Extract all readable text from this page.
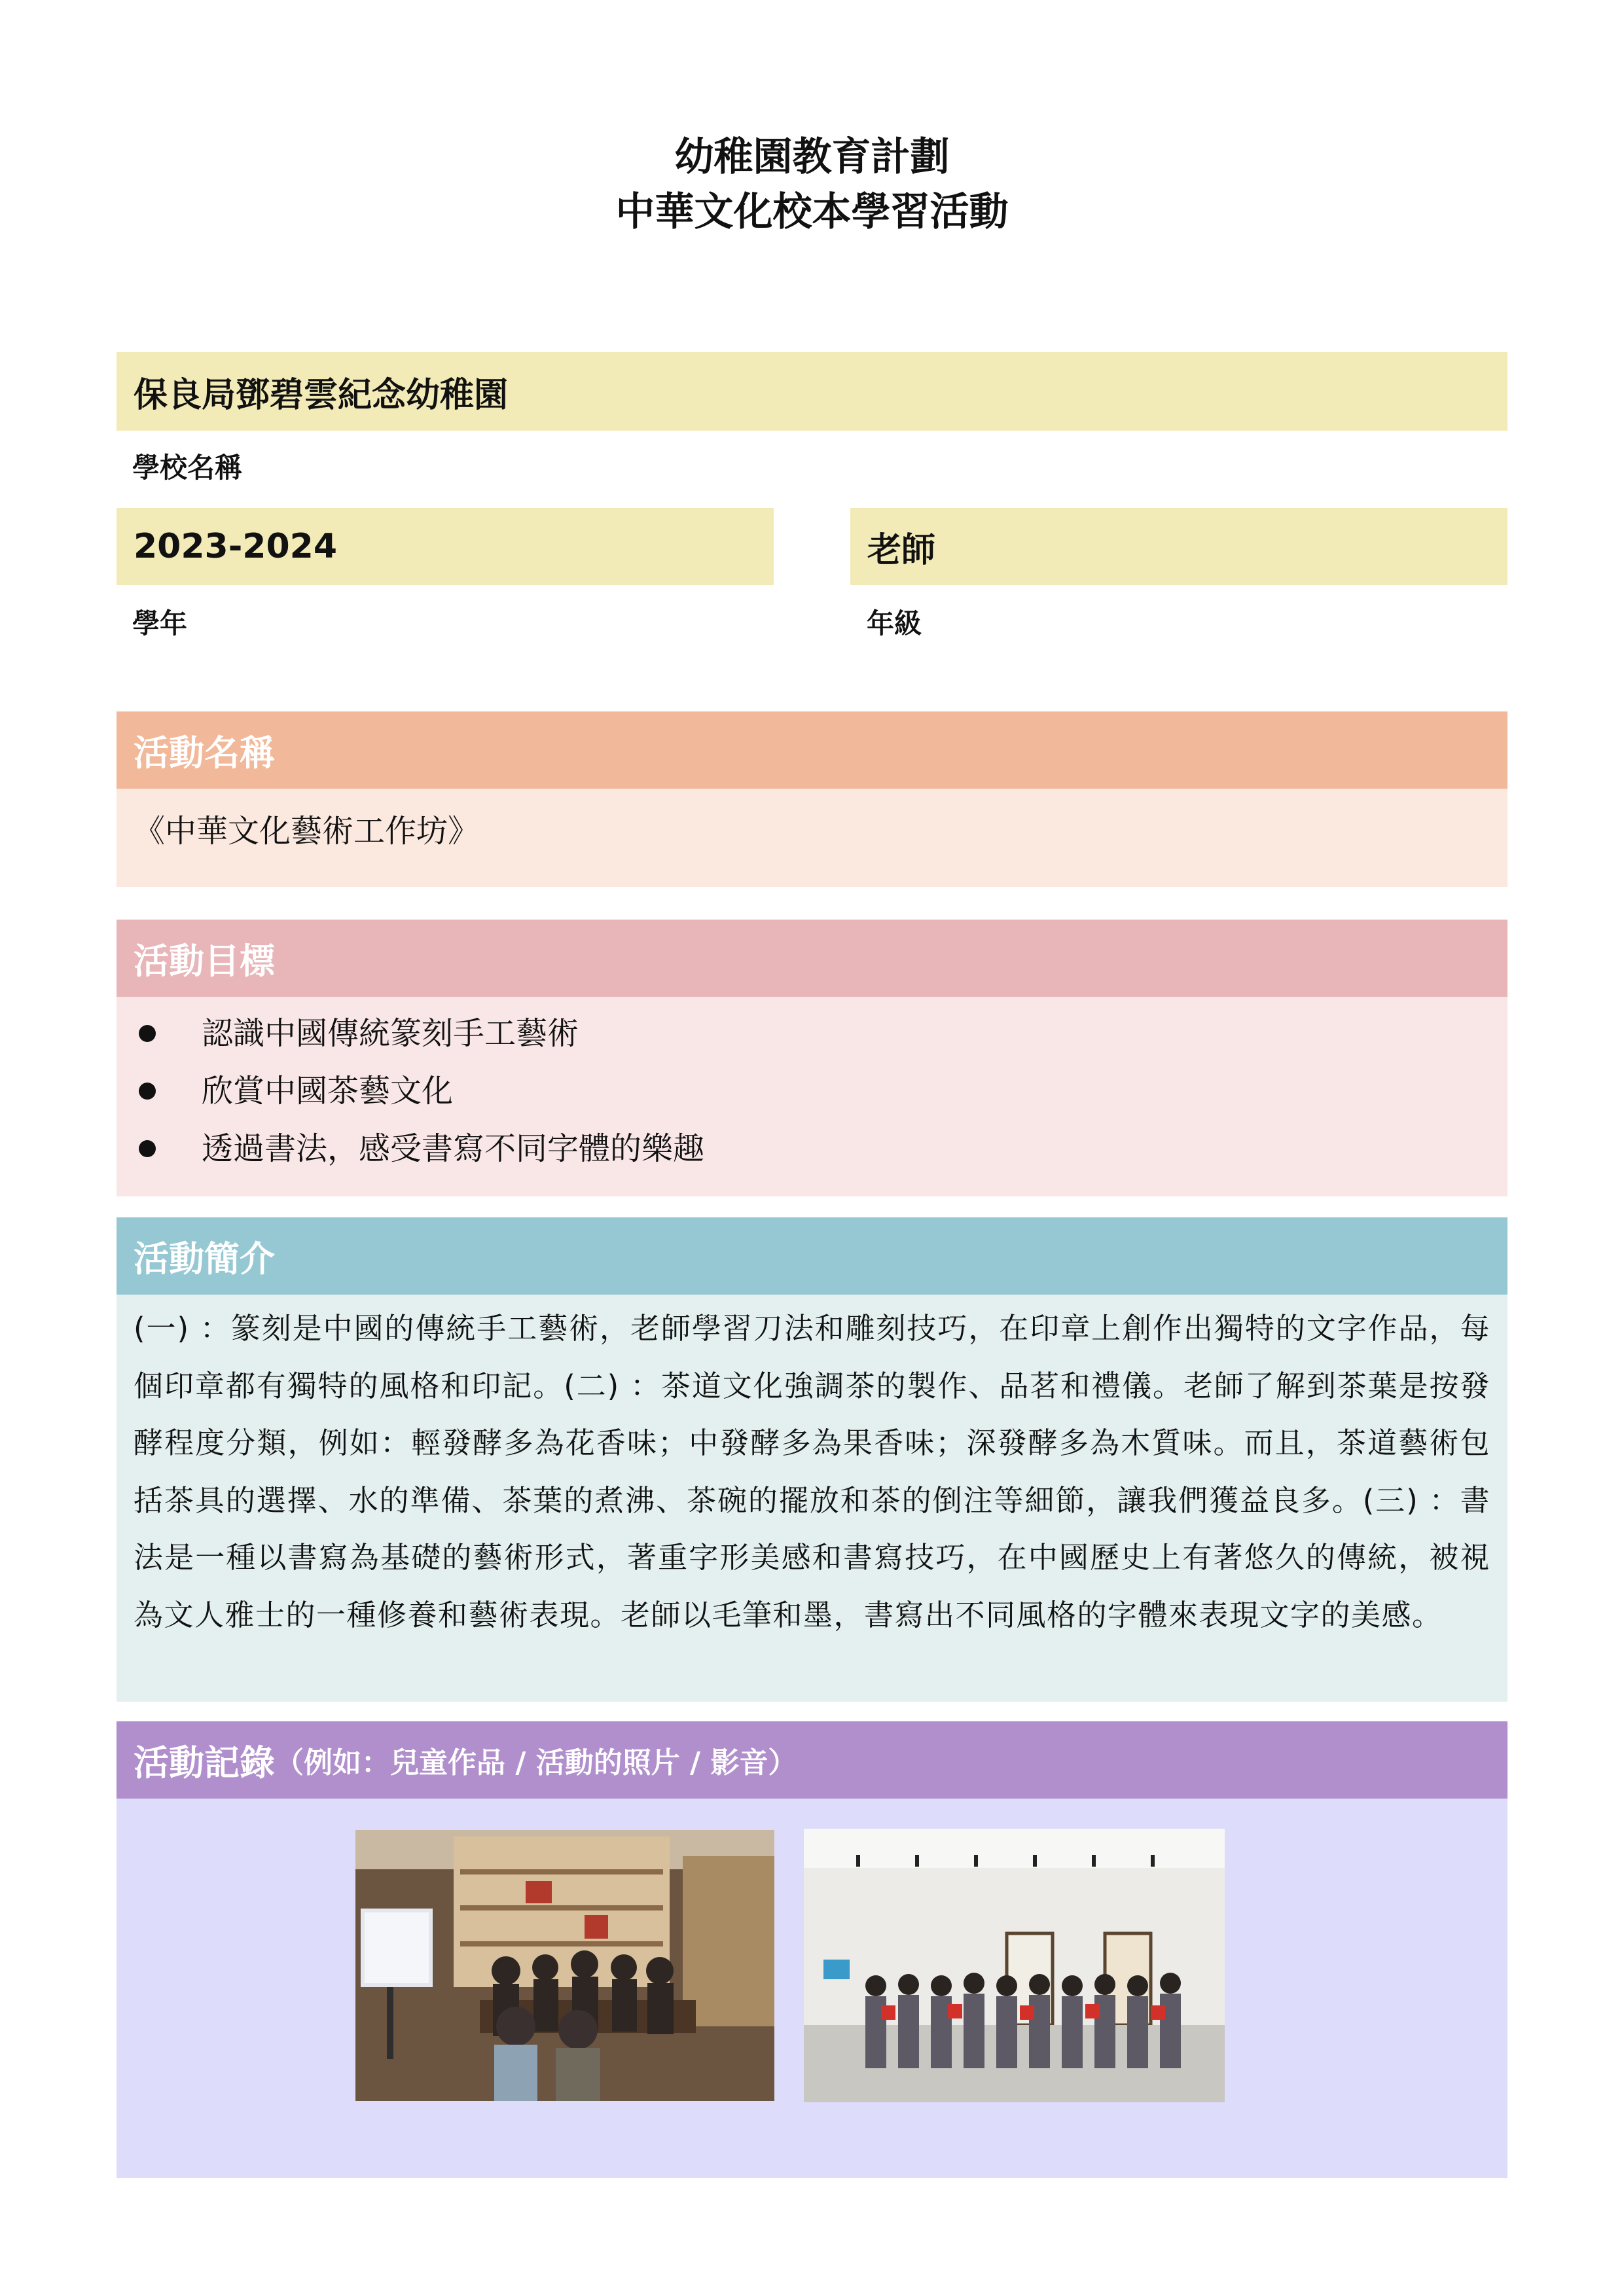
幼稚園教育計劃
中華文化校本學習活動
保良局鄧碧雲紀念幼稚園
學校名稱
2023-2024
學年
老師
年級
活動名稱
《中華文化藝術工作坊》
活動目標
認識中國傳統篆刻手工藝術
欣賞中國茶藝文化
透過書法，感受書寫不同字體的樂趣
活動簡介
(一) ：篆刻是中國的傳統手工藝術，老師學習刀法和雕刻技巧，在印章上創作出獨特的文字作品，每個印章都有獨特的風格和印記。(二) ：茶道文化強調茶的製作、品茗和禮儀。老師了解到茶葉是按發酵程度分類，例如：輕發酵多為花香味；中發酵多為果香味；深發酵多為木質味。而且，茶道藝術包括茶具的選擇、水的準備、茶葉的煮沸、茶碗的擺放和茶的倒注等細節，讓我們獲益良多。(三) ：書法是一種以書寫為基礎的藝術形式，著重字形美感和書寫技巧，在中國歷史上有著悠久的傳統，被視為文人雅士的一種修養和藝術表現。老師以毛筆和墨，書寫出不同風格的字體來表現文字的美感。
活動記錄 （例如：兒童作品 / 活動的照片 / 影音）
